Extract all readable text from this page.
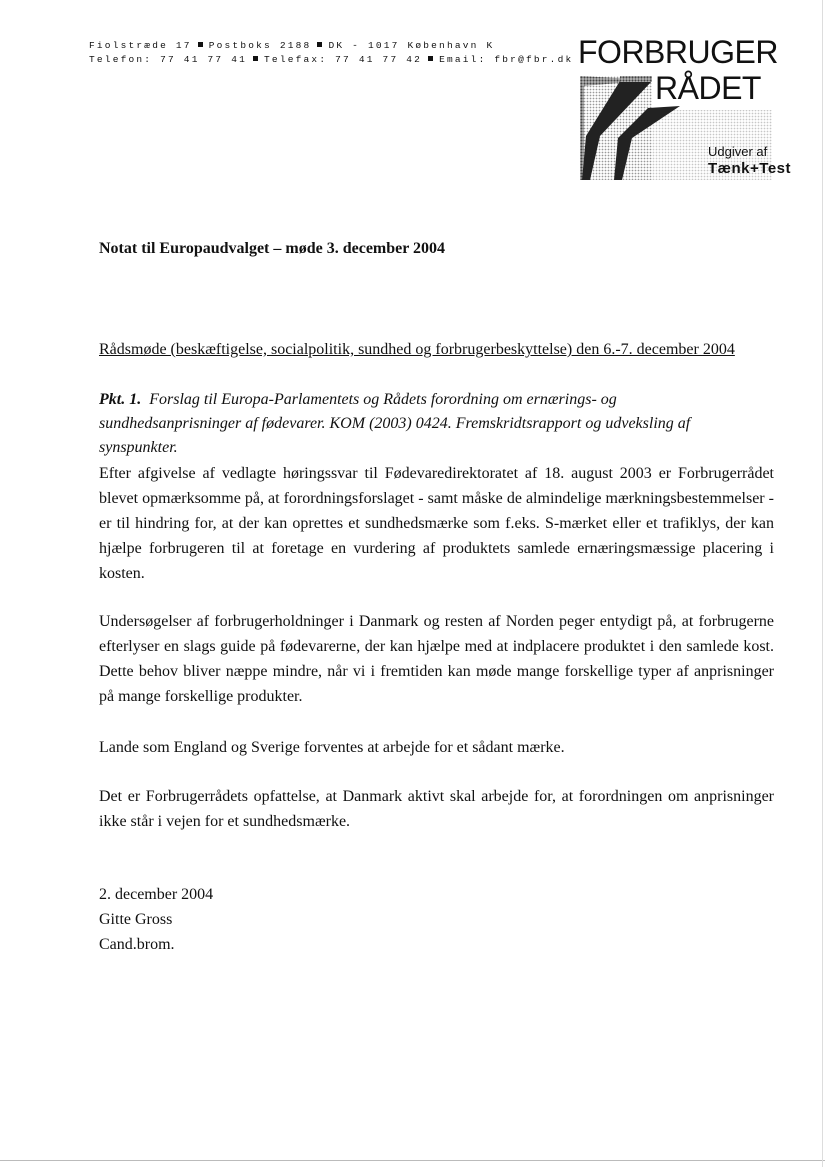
Fiolstræde 17 Postboks 2188 DK - 1017 København K
Telefon: 77 41 77 41 Telefax: 77 41 77 42 Email: fbr@fbr.dk FORBRUGER
RÅDET
Udgiver af
Tænk+Test
Notat til Europaudvalget – møde 3. december 2004
Rådsmøde (beskæftigelse, socialpolitik, sundhed og forbrugerbeskyttelse) den 6.-7. december 2004
Pkt. 1. Forslag til Europa-Parlamentets og Rådets forordning om ernærings- og sundhedsanprisninger af fødevarer. KOM (2003) 0424. Fremskridtsrapport og udveksling af synspunkter.

Efter afgivelse af vedlagte høringssvar til Fødevaredirektoratet af 18. august 2003 er Forbrugerrådet blevet opmærksomme på, at forordningsforslaget - samt måske de almindelige mærkningsbestemmelser - er til hindring for, at der kan oprettes et sundhedsmærke som f.eks. S-mærket eller et trafiklys, der kan hjælpe forbrugeren til at foretage en vurdering af produktets samlede ernæringsmæssige placering i kosten.

Undersøgelser af forbrugerholdninger i Danmark og resten af Norden peger entydigt på, at forbrugerne efterlyser en slags guide på fødevarerne, der kan hjælpe med at indplacere produktet i den samlede kost. Dette behov bliver næppe mindre, når vi i fremtiden kan møde mange forskellige typer af anprisninger på mange forskellige produkter.

Lande som England og Sverige forventes at arbejde for et sådant mærke.

Det er Forbrugerrådets opfattelse, at Danmark aktivt skal arbejde for, at forordningen om anprisninger ikke står i vejen for et sundhedsmærke.

2. december 2004
Gitte Gross
Cand.brom.
